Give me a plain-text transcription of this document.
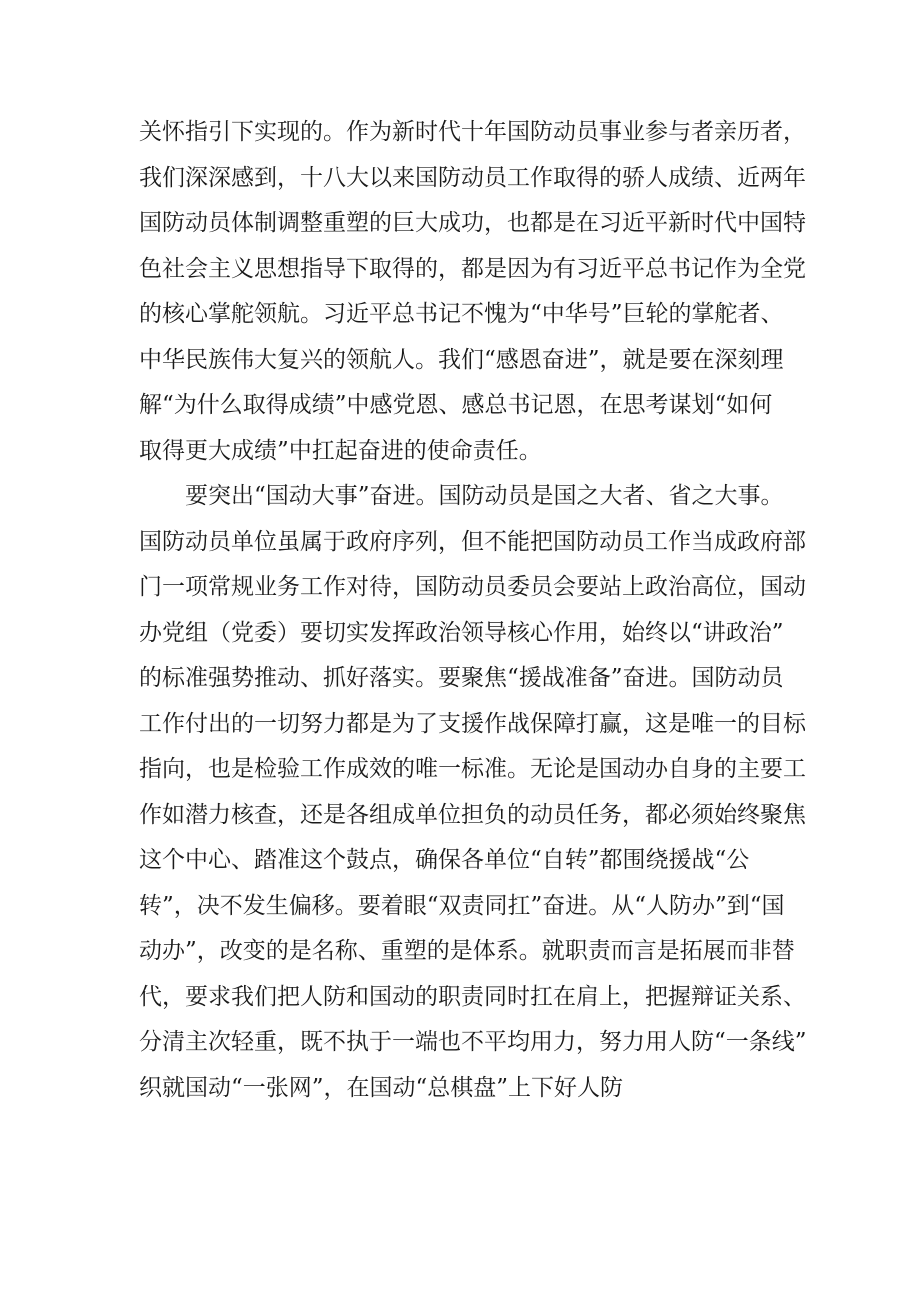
关怀指引下实现的。作为新时代十年国防动员事业参与者亲历者，
我们深深感到，十八大以来国防动员工作取得的骄人成绩、近两年
国防动员体制调整重塑的巨大成功，也都是在习近平新时代中国特
色社会主义思想指导下取得的，都是因为有习近平总书记作为全党
的核心掌舵领航。习近平总书记不愧为“中华号”巨轮的掌舵者、
中华民族伟大复兴的领航人。我们“感恩奋进”，就是要在深刻理
解“为什么取得成绩”中感党恩、感总书记恩，在思考谋划“如何
取得更大成绩”中扛起奋进的使命责任。
要突出“国动大事”奋进。国防动员是国之大者、省之大事。
国防动员单位虽属于政府序列，但不能把国防动员工作当成政府部
门一项常规业务工作对待，国防动员委员会要站上政治高位，国动
办党组（党委）要切实发挥政治领导核心作用，始终以“讲政治”
的标准强势推动、抓好落实。要聚焦“援战准备”奋进。国防动员
工作付出的一切努力都是为了支援作战保障打赢，这是唯一的目标
指向，也是检验工作成效的唯一标准。无论是国动办自身的主要工
作如潜力核查，还是各组成单位担负的动员任务，都必须始终聚焦
这个中心、踏准这个鼓点，确保各单位“自转”都围绕援战“公
转”，决不发生偏移。要着眼“双责同扛”奋进。从“人防办”到“国
动办”，改变的是名称、重塑的是体系。就职责而言是拓展而非替
代，要求我们把人防和国动的职责同时扛在肩上，把握辩证关系、
分清主次轻重，既不执于一端也不平均用力，努力用人防“一条线”
织就国动“一张网”，在国动“总棋盘”上下好人防
